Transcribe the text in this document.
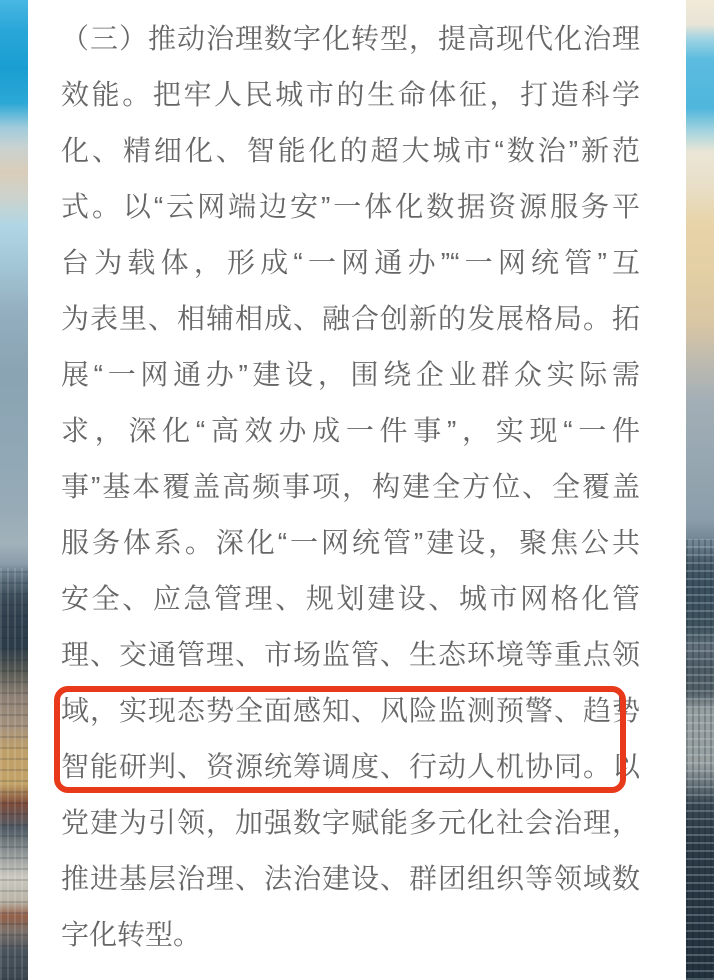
（三）推动治理数字化转型，提高现代化治理
效能。把牢人民城市的生命体征，打造科学
化、精细化、智能化的超大城市“数治”新范
式。以“云网端边安”一体化数据资源服务平
台为载体，形成“一网通办”“一网统管”互
为表里、相辅相成、融合创新的发展格局。拓
展“一网通办”建设，围绕企业群众实际需
求，深化“高效办成一件事”，实现“一件
事”基本覆盖高频事项，构建全方位、全覆盖
服务体系。深化“一网统管”建设，聚焦公共
安全、应急管理、规划建设、城市网格化管
理、交通管理、市场监管、生态环境等重点领
域，实现态势全面感知、风险监测预警、趋势
智能研判、资源统筹调度、行动人机协同。以
党建为引领，加强数字赋能多元化社会治理，
推进基层治理、法治建设、群团组织等领域数
字化转型。
